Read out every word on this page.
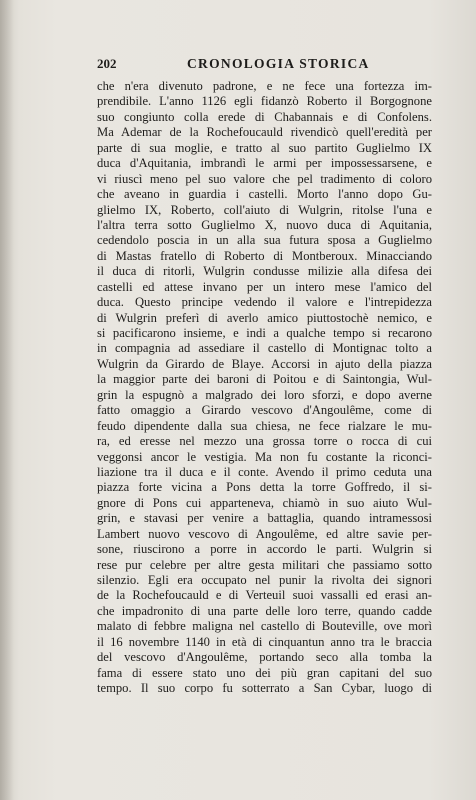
202	CRONOLOGIA STORICA
che n'era divenuto padrone, e ne fece una fortezza im-
prendibile. L'anno 1126 egli fidanzò Roberto il Borgognone
suo congiunto colla erede di Chabannais e di Confolens.
Ma Ademar de la Rochefoucauld rivendicò quell'eredità per
parte di sua moglie, e tratto al suo partito Guglielmo IX
duca d'Aquitania, imbrandì le armi per impossessarsene, e
vi riuscì meno pel suo valore che pel tradimento di coloro
che aveano in guardia i castelli. Morto l'anno dopo Gu-
glielmo IX, Roberto, coll'aiuto di Wulgrin, ritolse l'una e
l'altra terra sotto Guglielmo X, nuovo duca di Aquitania,
cedendolo poscia in un alla sua futura sposa a Guglielmo
di Mastas fratello di Roberto di Montberoux. Minacciando
il duca di ritorli, Wulgrin condusse milizie alla difesa dei
castelli ed attese invano per un intero mese l'amico del
duca. Questo principe vedendo il valore e l'intrepidezza
di Wulgrin preferì di averlo amico piuttostochè nemico, e
si pacificarono insieme, e indi a qualche tempo si recarono
in compagnia ad assediare il castello di Montignac tolto a
Wulgrin da Girardo de Blaye. Accorsi in ajuto della piazza
la maggior parte dei baroni di Poitou e di Saintongia, Wul-
grin la espugnò a malgrado dei loro sforzi, e dopo averne
fatto omaggio a Girardo vescovo d'Angoulême, come di
feudo dipendente dalla sua chiesa, ne fece rialzare le mu-
ra, ed eresse nel mezzo una grossa torre o rocca di cui
veggonsi ancor le vestigia. Ma non fu costante la riconci-
liazione tra il duca e il conte. Avendo il primo ceduta una
piazza forte vicina a Pons detta la torre Goffredo, il si-
gnore di Pons cui apparteneva, chiamò in suo aiuto Wul-
grin, e stavasi per venire a battaglia, quando intramessosi
Lambert nuovo vescovo di Angoulême, ed altre savie per-
sone, riuscirono a porre in accordo le parti. Wulgrin si
rese pur celebre per altre gesta militari che passiamo sotto
silenzio. Egli era occupato nel punir la rivolta dei signori
de la Rochefoucauld e di Verteuil suoi vassalli ed erasi an-
che impadronito di una parte delle loro terre, quando cadde
malato di febbre maligna nel castello di Bouteville, ove morì
il 16 novembre 1140 in età di cinquantun anno tra le braccia
del vescovo d'Angoulême, portando seco alla tomba la
fama di essere stato uno dei più gran capitani del suo
tempo. Il suo corpo fu sotterrato a San Cybar, luogo di
